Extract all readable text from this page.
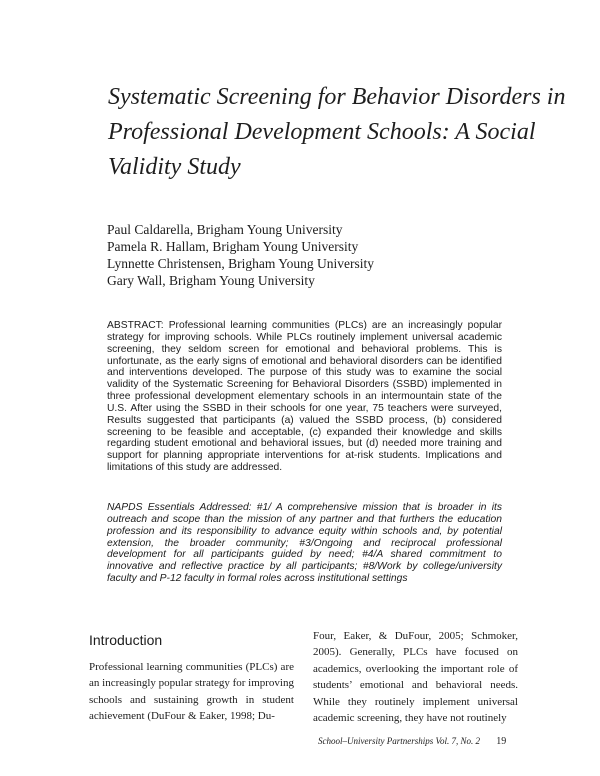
Systematic Screening for Behavior Disorders in
Professional Development Schools: A Social
Validity Study
Paul Caldarella, Brigham Young University
Pamela R. Hallam, Brigham Young University
Lynnette Christensen, Brigham Young University
Gary Wall, Brigham Young University
ABSTRACT: Professional learning communities (PLCs) are an increasingly popular strategy for improving schools. While PLCs routinely implement universal academic screening, they seldom screen for emotional and behavioral problems. This is unfortunate, as the early signs of emotional and behavioral disorders can be identified and interventions developed. The purpose of this study was to examine the social validity of the Systematic Screening for Behavioral Disorders (SSBD) implemented in three professional development elementary schools in an intermountain state of the U.S. After using the SSBD in their schools for one year, 75 teachers were surveyed, Results suggested that participants (a) valued the SSBD process, (b) considered screening to be feasible and acceptable, (c) expanded their knowledge and skills regarding student emotional and behavioral issues, but (d) needed more training and support for planning appropriate interventions for at-risk students. Implications and limitations of this study are addressed.
NAPDS Essentials Addressed: #1/ A comprehensive mission that is broader in its outreach and scope than the mission of any partner and that furthers the education profession and its responsibility to advance equity within schools and, by potential extension, the broader community; #3/Ongoing and reciprocal professional development for all participants guided by need; #4/A shared commitment to innovative and reflective practice by all participants; #8/Work by college/university faculty and P-12 faculty in formal roles across institutional settings
Introduction
Professional learning communities (PLCs) are an increasingly popular strategy for improving schools and sustaining growth in student achievement (DuFour & Eaker, 1998; Du-
Four, Eaker, & DuFour, 2005; Schmoker, 2005). Generally, PLCs have focused on academics, overlooking the important role of students’ emotional and behavioral needs. While they routinely implement universal academic screening, they have not routinely
School–University Partnerships Vol. 7, No. 2 19
